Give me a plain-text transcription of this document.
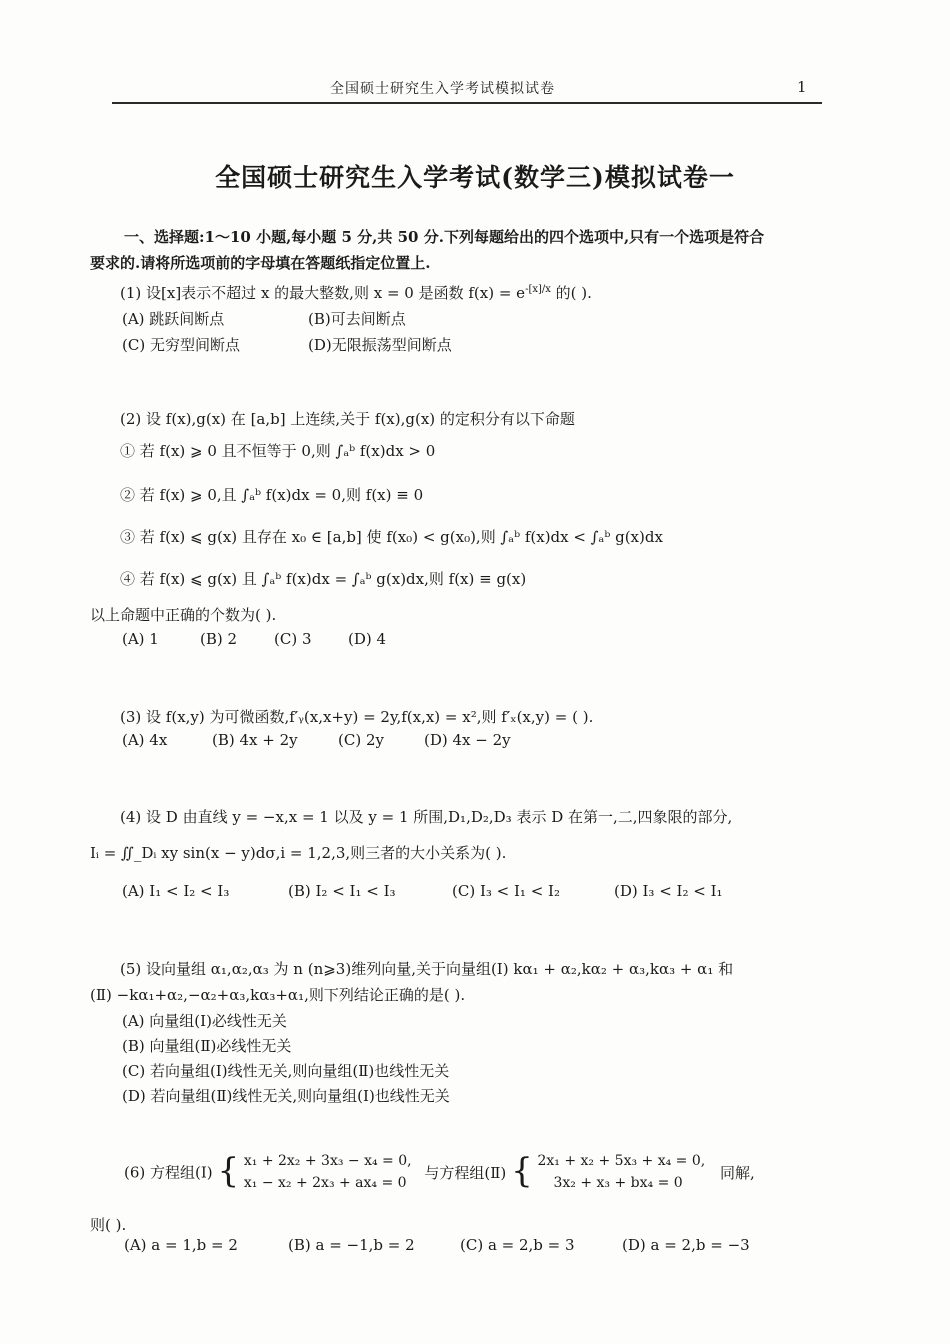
全国硕士研究生入学考试模拟试卷	1
全国硕士研究生入学考试(数学三)模拟试卷一
一、选择题:1～10 小题,每小题 5 分,共 50 分.下列每题给出的四个选项中,只有一个选项是符合
要求的.请将所选项前的字母填在答题纸指定位置上.
(1) 设[x]表示不超过 x 的最大整数,则 x = 0 是函数 $f(x) = e^{-[x]/x}$ 的( ).
(A) 跳跃间断点	(B)可去间断点
(C) 无穷型间断点	(D)无限振荡型间断点
(2) 设 f(x),g(x) 在 [a,b] 上连续,关于 f(x),g(x) 的定积分有以下命题
① 若 f(x) ⩾ 0 且不恒等于 0,则 ∫ₐᵇ f(x)dx > 0
② 若 f(x) ⩾ 0,且 ∫ₐᵇ f(x)dx = 0,则 f(x) ≡ 0
③ 若 f(x) ⩽ g(x) 且存在 x₀ ∈ [a,b] 使 f(x₀) < g(x₀),则 ∫ₐᵇ f(x)dx < ∫ₐᵇ g(x)dx
④ 若 f(x) ⩽ g(x) 且 ∫ₐᵇ f(x)dx = ∫ₐᵇ g(x)dx,则 f(x) ≡ g(x)
以上命题中正确的个数为( ).
(A) 1	(B) 2 (C) 3 (D) 4
(3) 设 f(x,y) 为可微函数,f′ᵧ(x,x+y) = 2y,f(x,x) = x²,则 f′ₓ(x,y) = ( ).
(A) 4x	(B) 4x + 2y	(C) 2y	(D) 4x − 2y
(4) 设 D 由直线 y = −x,x = 1 以及 y = 1 所围,D₁,D₂,D₃ 表示 D 在第一,二,四象限的部分,
Iᵢ = ∬_Dᵢ xy sin(x − y)dσ,i = 1,2,3,则三者的大小关系为( ).
(A) I₁ < I₂ < I₃	(B) I₂ < I₁ < I₃	(C) I₃ < I₁ < I₂	(D) I₃ < I₂ < I₁
(5) 设向量组 α₁,α₂,α₃ 为 n (n⩾3)维列向量,关于向量组(Ⅰ) kα₁ + α₂,kα₂ + α₃,kα₃ + α₁ 和
(Ⅱ) −kα₁+α₂,−α₂+α₃,kα₃+α₁,则下列结论正确的是( ).
(A) 向量组(Ⅰ)必线性无关
(B) 向量组(Ⅱ)必线性无关
(C) 若向量组(Ⅰ)线性无关,则向量组(Ⅱ)也线性无关
(D) 若向量组(Ⅱ)线性无关,则向量组(Ⅰ)也线性无关
(6) 方程组(Ⅰ) { x₁ + 2x₂ + 3x₃ − x₄ = 0,
x₁ − x₂ + 2x₃ + ax₄ = 0
与方程组(Ⅱ) { 2x₁ + x₂ + 5x₃ + x₄ = 0,
3x₂ + x₃ + bx₄ = 0
同解,
则( ).
(A) a = 1,b = 2	(B) a = −1,b = 2	(C) a = 2,b = 3	(D) a = 2,b = −3
